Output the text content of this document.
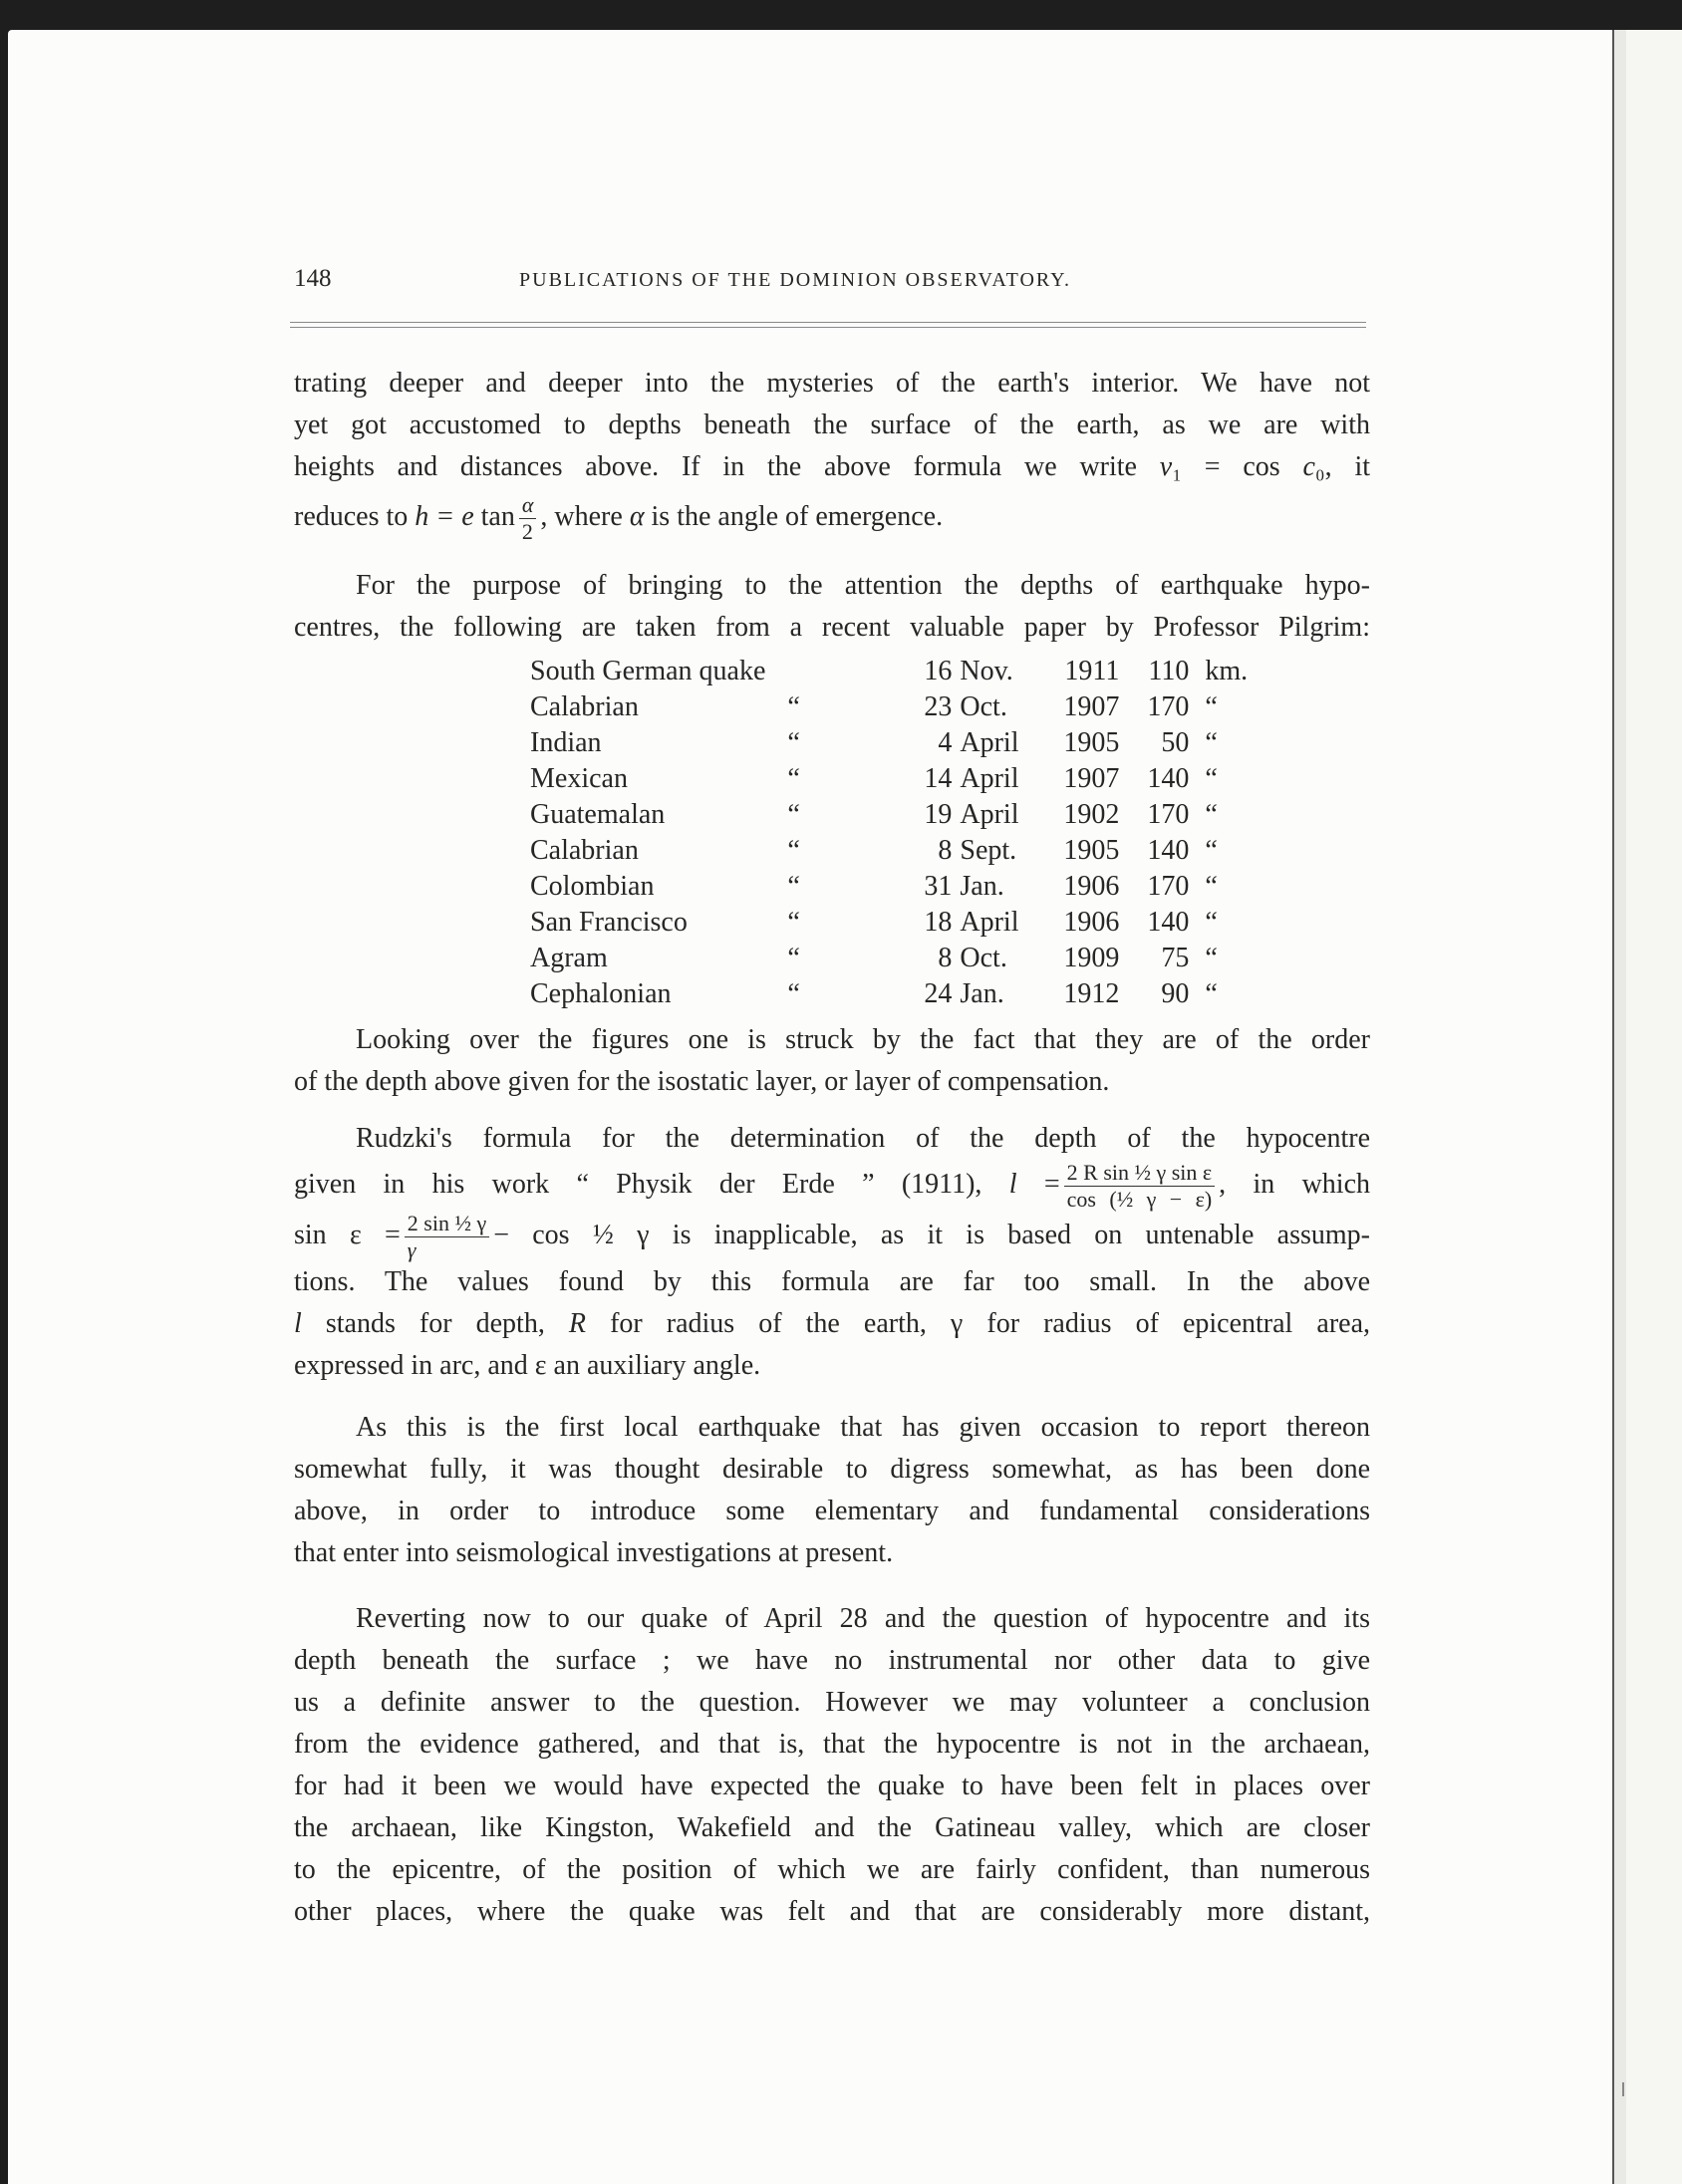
148	PUBLICATIONS OF THE DOMINION OBSERVATORY.
trating deeper and deeper into the mysteries of the earth's interior. We have not
yet got accustomed to depths beneath the surface of the earth, as we are with
heights and distances above. If in the above formula we write v₁ = cos c₀, it
reduces to h = e $\tan \frac{\alpha}{2}$ , where α is the angle of emergence.
For the purpose of bringing to the attention the depths of earthquake hypo-
centres, the following are taken from a recent valuable paper by Professor Pilgrim:
South German quake		16	Nov.	1911	110	km.
Calabrian	“	23	Oct.	1907	170	“
Indian	“	4	April	1905	50	“
Mexican	“	14	April	1907	140	“
Guatemalan	“	19	April	1902	170	“
Calabrian	“	8	Sept.	1905	140	“
Colombian	“	31	Jan.	1906	170	“
San Francisco	“	18	April	1906	140	“
Agram	“	8	Oct.	1909	75	“
Cephalonian	“	24	Jan.	1912	90	“
Looking over the figures one is struck by the fact that they are of the order
of the depth above given for the isostatic layer, or layer of compensation.
Rudzki's formula for the determination of the depth of the hypocentre
given in his work “ Physik der Erde ” (1911), $l = \frac{\text{2 R sin ½ γ sin ε}}{\text{cos (½ γ − ε)}}$ , in which
$\sin \varepsilon = \frac{\text{2 sin ½ γ}}{\gamma} - \cos$ ½ γ is inapplicable, as it is based on untenable assump-
tions. The values found by this formula are far too small. In the above
l stands for depth, R for radius of the earth, γ for radius of epicentral area,
expressed in arc, and ε an auxiliary angle.
As this is the first local earthquake that has given occasion to report thereon
somewhat fully, it was thought desirable to digress somewhat, as has been done
above, in order to introduce some elementary and fundamental considerations
that enter into seismological investigations at present.
Reverting now to our quake of April 28 and the question of hypocentre and its
depth beneath the surface ; we have no instrumental nor other data to give
us a definite answer to the question. However we may volunteer a conclusion
from the evidence gathered, and that is, that the hypocentre is not in the archaean,
for had it been we would have expected the quake to have been felt in places over
the archaean, like Kingston, Wakefield and the Gatineau valley, which are closer
to the epicentre, of the position of which we are fairly confident, than numerous
other places, where the quake was felt and that are considerably more distant,
